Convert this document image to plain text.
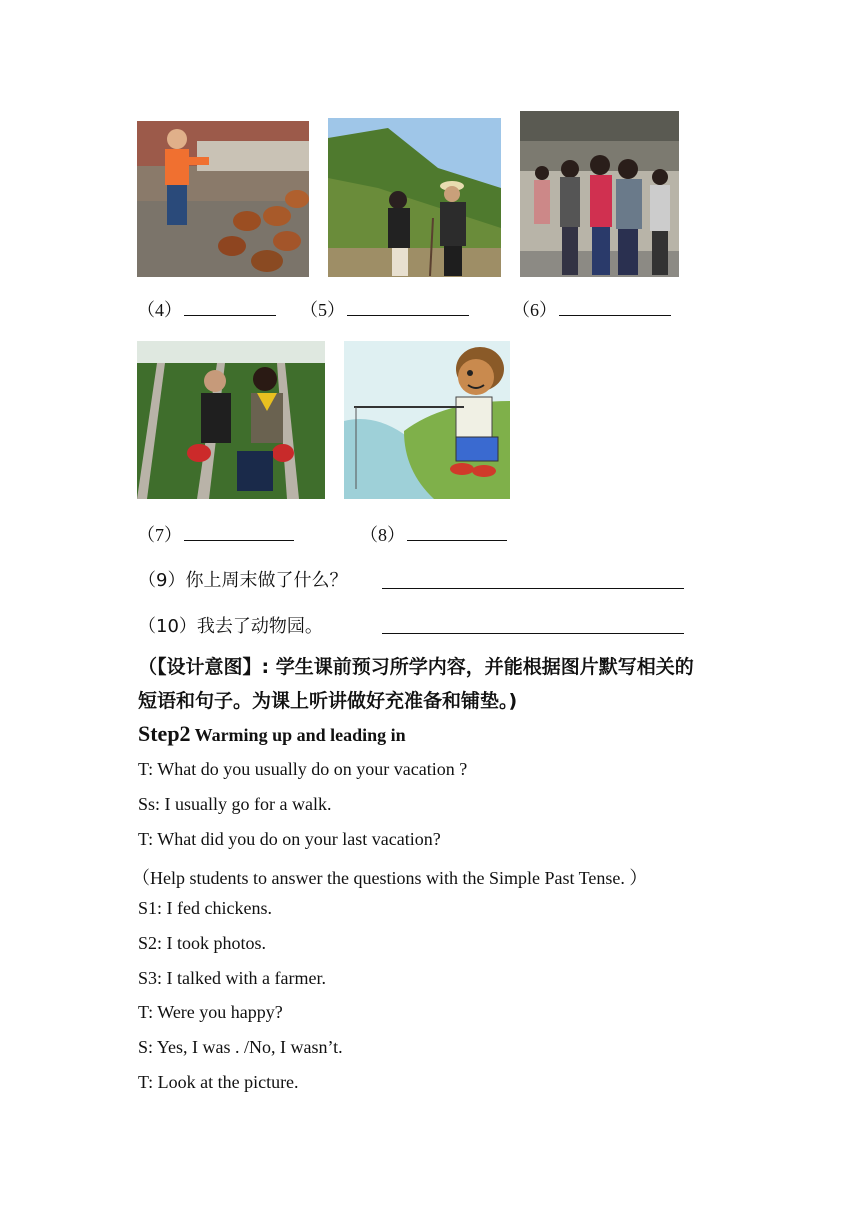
（4）	（5）	（6）
（7）	（8）
（9）你上周末做了什么？
（10）我去了动物园。
（【设计意图】: 学生课前预习所学内容，并能根据图片默写相关的
短语和句子。为课上听讲做好充准备和铺垫。)
Step2 Warming up and leading in
T: What do you usually do on your vacation ?
Ss: I usually go for a walk.
T: What did you do on your last vacation?
（Help students to answer the questions with the Simple Past Tense. ）
S1: I fed chickens.
S2: I took photos.
S3: I talked with a farmer.
T: Were you happy?
S: Yes, I was . /No, I wasn’t.
T: Look at the picture.
